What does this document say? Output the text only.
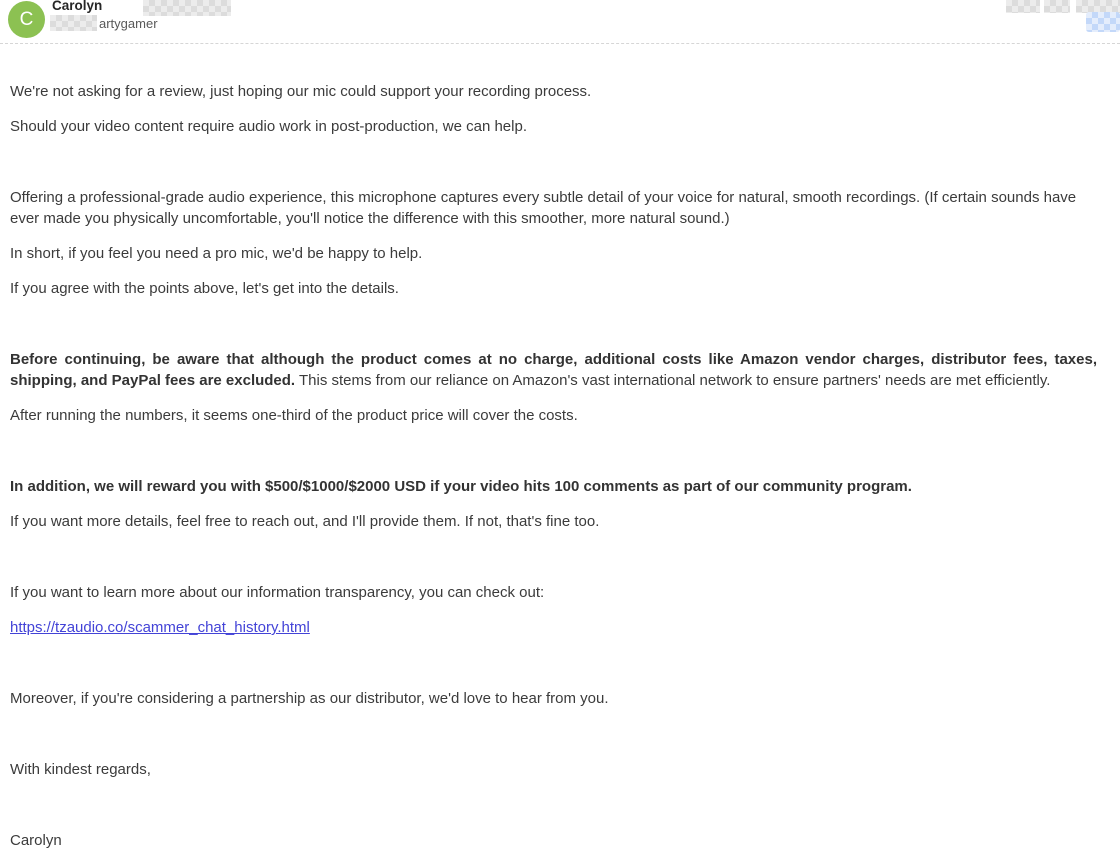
C
Carolyn
artygamer

We're not asking for a review, just hoping our mic could support your recording process.

Should your video content require audio work in post-production, we can help.

Offering a professional-grade audio experience, this microphone captures every subtle detail of your voice for natural, smooth recordings. (If certain sounds have ever made you physically uncomfortable, you'll notice the difference with this smoother, more natural sound.)

In short, if you feel you need a pro mic, we'd be happy to help.

If you agree with the points above, let's get into the details.

Before continuing, be aware that although the product comes at no charge, additional costs like Amazon vendor charges, distributor fees, taxes, shipping, and PayPal fees are excluded. This stems from our reliance on Amazon's vast international network to ensure partners' needs are met efficiently.

After running the numbers, it seems one-third of the product price will cover the costs.

In addition, we will reward you with $500/$1000/$2000 USD if your video hits 100 comments as part of our community program.

If you want more details, feel free to reach out, and I'll provide them. If not, that's fine too.

If you want to learn more about our information transparency, you can check out:

https://tzaudio.co/scammer_chat_history.html

Moreover, if you're considering a partnership as our distributor, we'd love to hear from you.

With kindest regards,

Carolyn
